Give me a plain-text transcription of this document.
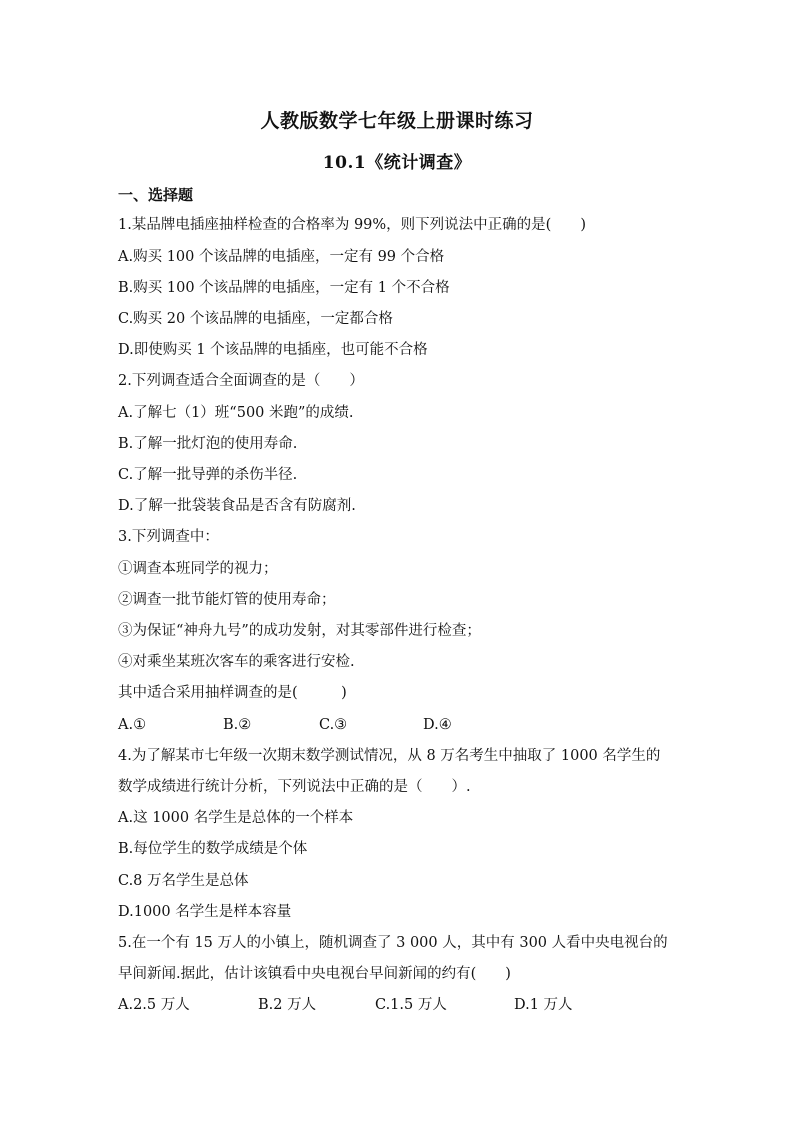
人教版数学七年级上册课时练习
10.1《统计调查》
一、选择题
1.某品牌电插座抽样检查的合格率为 99%，则下列说法中正确的是(　　)
A.购买 100 个该品牌的电插座，一定有 99 个合格
B.购买 100 个该品牌的电插座，一定有 1 个不合格
C.购买 20 个该品牌的电插座，一定都合格
D.即使购买 1 个该品牌的电插座，也可能不合格
2.下列调查适合全面调查的是（　　）
A.了解七（1）班“500 米跑”的成绩.
B.了解一批灯泡的使用寿命.
C.了解一批导弹的杀伤半径.
D.了解一批袋装食品是否含有防腐剂.
3.下列调查中：
①调查本班同学的视力；
②调查一批节能灯管的使用寿命；
③为保证“神舟九号”的成功发射，对其零部件进行检查；
④对乘坐某班次客车的乘客进行安检.
其中适合采用抽样调查的是(　　　)
A.①	B.②	C.③	D.④
4.为了解某市七年级一次期末数学测试情况，从 8 万名考生中抽取了 1000 名学生的
数学成绩进行统计分析，下列说法中正确的是（　　）.
A.这 1000 名学生是总体的一个样本
B.每位学生的数学成绩是个体
C.8 万名学生是总体
D.1000 名学生是样本容量
5.在一个有 15 万人的小镇上，随机调查了 3 000 人，其中有 300 人看中央电视台的
早间新闻.据此，估计该镇看中央电视台早间新闻的约有(　　)
A.2.5 万人	B.2 万人	C.1.5 万人	D.1 万人
